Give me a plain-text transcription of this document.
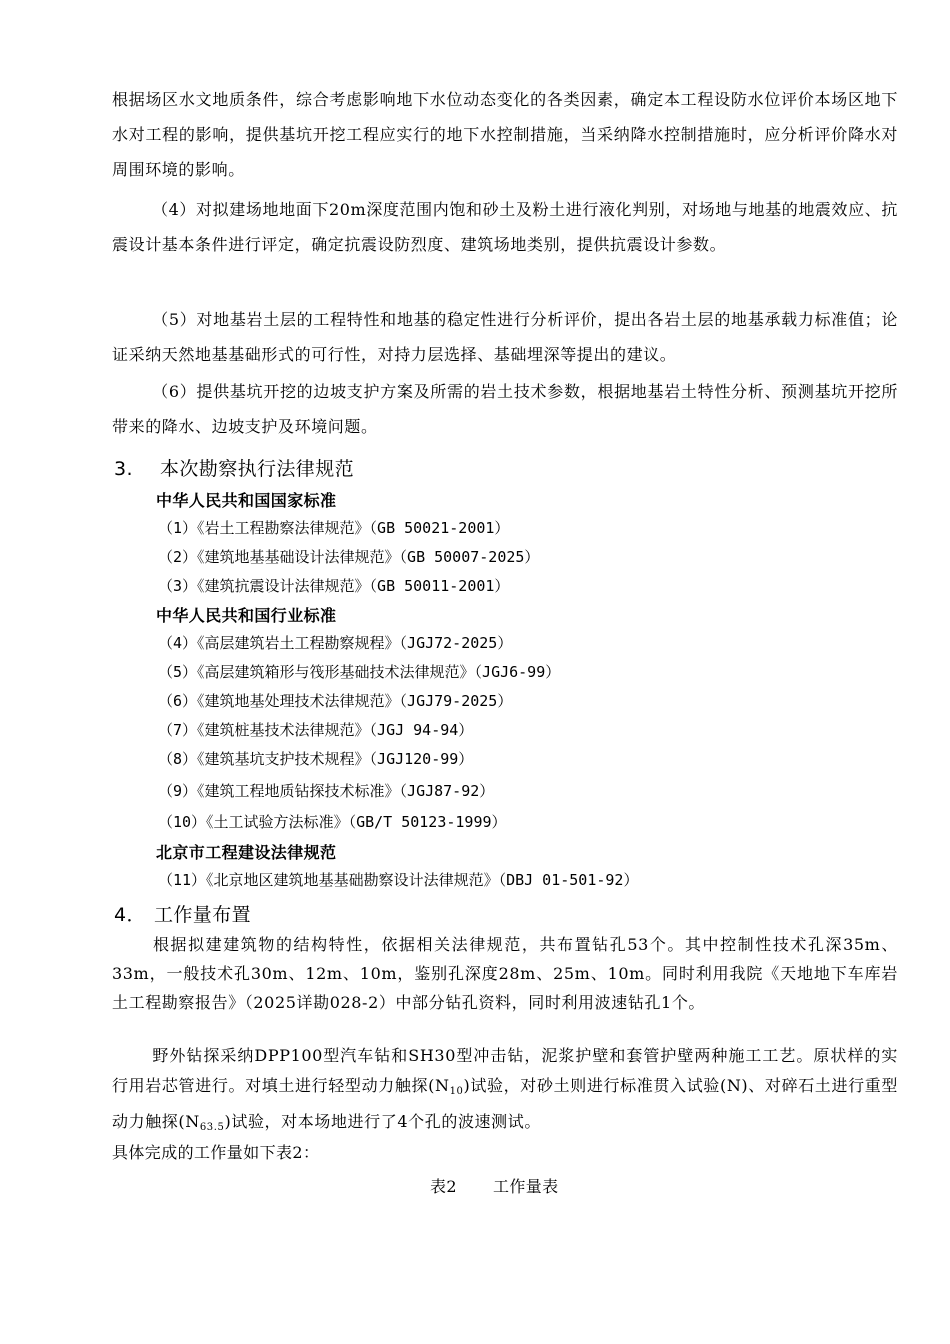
根据场区水文地质条件，综合考虑影响地下水位动态变化的各类因素，确定本工程设防水位评价本场区地下水对工程的影响，提供基坑开挖工程应实行的地下水控制措施，当采纳降水控制措施时，应分析评价降水对周围环境的影响。

（4）对拟建场地地面下20m深度范围内饱和砂土及粉土进行液化判别，对场地与地基的地震效应、抗震设计基本条件进行评定，确定抗震设防烈度、建筑场地类别，提供抗震设计参数。

（5）对地基岩土层的工程特性和地基的稳定性进行分析评价，提出各岩土层的地基承载力标准值；论证采纳天然地基基础形式的可行性，对持力层选择、基础埋深等提出的建议。

（6）提供基坑开挖的边坡支护方案及所需的岩土技术参数，根据地基岩土特性分析、预测基坑开挖所带来的降水、边坡支护及环境问题。

3. 本次勘察执行法律规范
中华人民共和国国家标准
（1）《岩土工程勘察法律规范》（GB 50021-2001）
（2）《建筑地基基础设计法律规范》（GB 50007-2025）
（3）《建筑抗震设计法律规范》（GB 50011-2001）
中华人民共和国行业标准
（4）《高层建筑岩土工程勘察规程》（JGJ72-2025）
（5）《高层建筑箱形与筏形基础技术法律规范》（JGJ6-99）
（6）《建筑地基处理技术法律规范》（JGJ79-2025）
（7）《建筑桩基技术法律规范》（JGJ 94-94）
（8）《建筑基坑支护技术规程》（JGJ120-99）
（9）《建筑工程地质钻探技术标准》（JGJ87-92）
（10）《土工试验方法标准》（GB/T 50123-1999）
北京市工程建设法律规范
（11）《北京地区建筑地基基础勘察设计法律规范》（DBJ 01-501-92）
4． 工作量布置

根据拟建建筑物的结构特性，依据相关法律规范，共布置钻孔53个。其中控制性技术孔深35m、33m，一般技术孔30m、12m、10m，鉴别孔深度28m、25m、10m。同时利用我院《天地地下车库岩土工程勘察报告》（2025详勘028-2）中部分钻孔资料，同时利用波速钻孔1个。

野外钻探采纳DPP100型汽车钻和SH30型冲击钻，泥浆护壁和套管护壁两种施工工艺。原状样的实行用岩芯管进行。对填土进行轻型动力触探$(N_{10})$试验，对砂土则进行标准贯入试验(N)、对碎石土进行重型动力触探$(N_{63.5})$试验，对本场地进行了4个孔的波速测试。

具体完成的工作量如下表2：
表2 工作量表
